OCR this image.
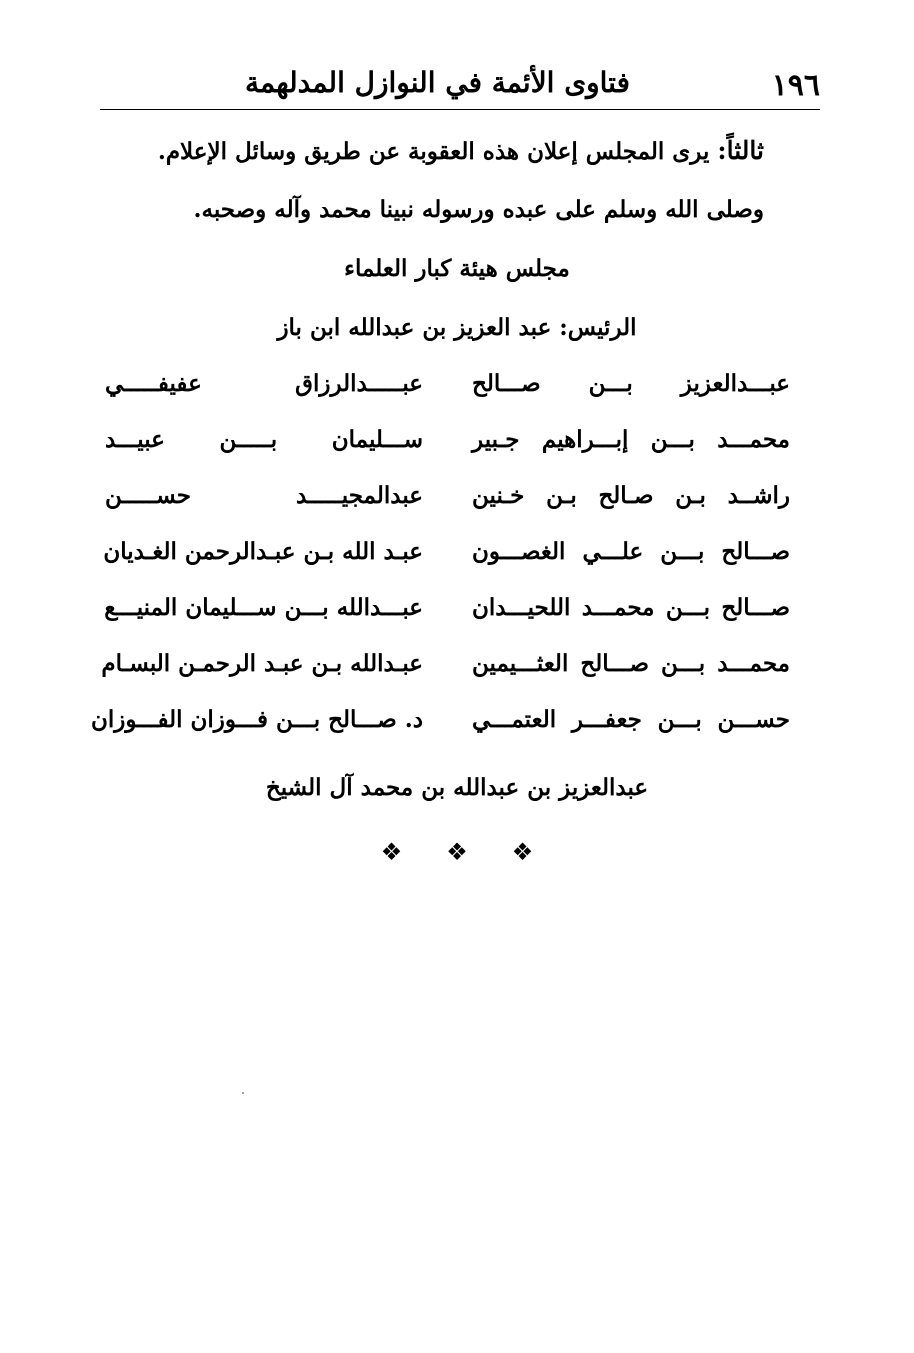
١٩٦
فتاوى الأئمة في النوازل المدلهمة
ثالثاً: يرى المجلس إعلان هذه العقوبة عن طريق وسائل الإعلام.
وصلى الله وسلم على عبده ورسوله نبينا محمد وآله وصحبه.
مجلس هيئة كبار العلماء
الرئيس: عبد العزيز بن عبدالله ابن باز
عبـــدالعزيز بـــن صـــالح
عبـــــدالرزاق عفيفـــــي
محمـــد بـــن إبـــراهيم جـبير
ســـليمان بـــــن عبيـــد
راشــد بـن صـالح بـن خـنين
عبدالمجيـــــد حســـــن
صـــالح بـــن علـــي الغصـــون
عبـد الله بـن عبـدالرحمن الغـديان
صـــالح بـــن محمـــد اللحيـــدان
عبـــدالله بـــن ســـليمان المنيـــع
محمـــد بـــن صـــالح العثـــيمين
عبـدالله بـن عبـد الرحمـن البسـام
حســـن بـــن جعفـــر العتمـــي
د. صـــالح بـــن فـــوزان الفـــوزان
عبدالعزيز بن عبدالله بن محمد آل الشيخ
❖ ❖ ❖
